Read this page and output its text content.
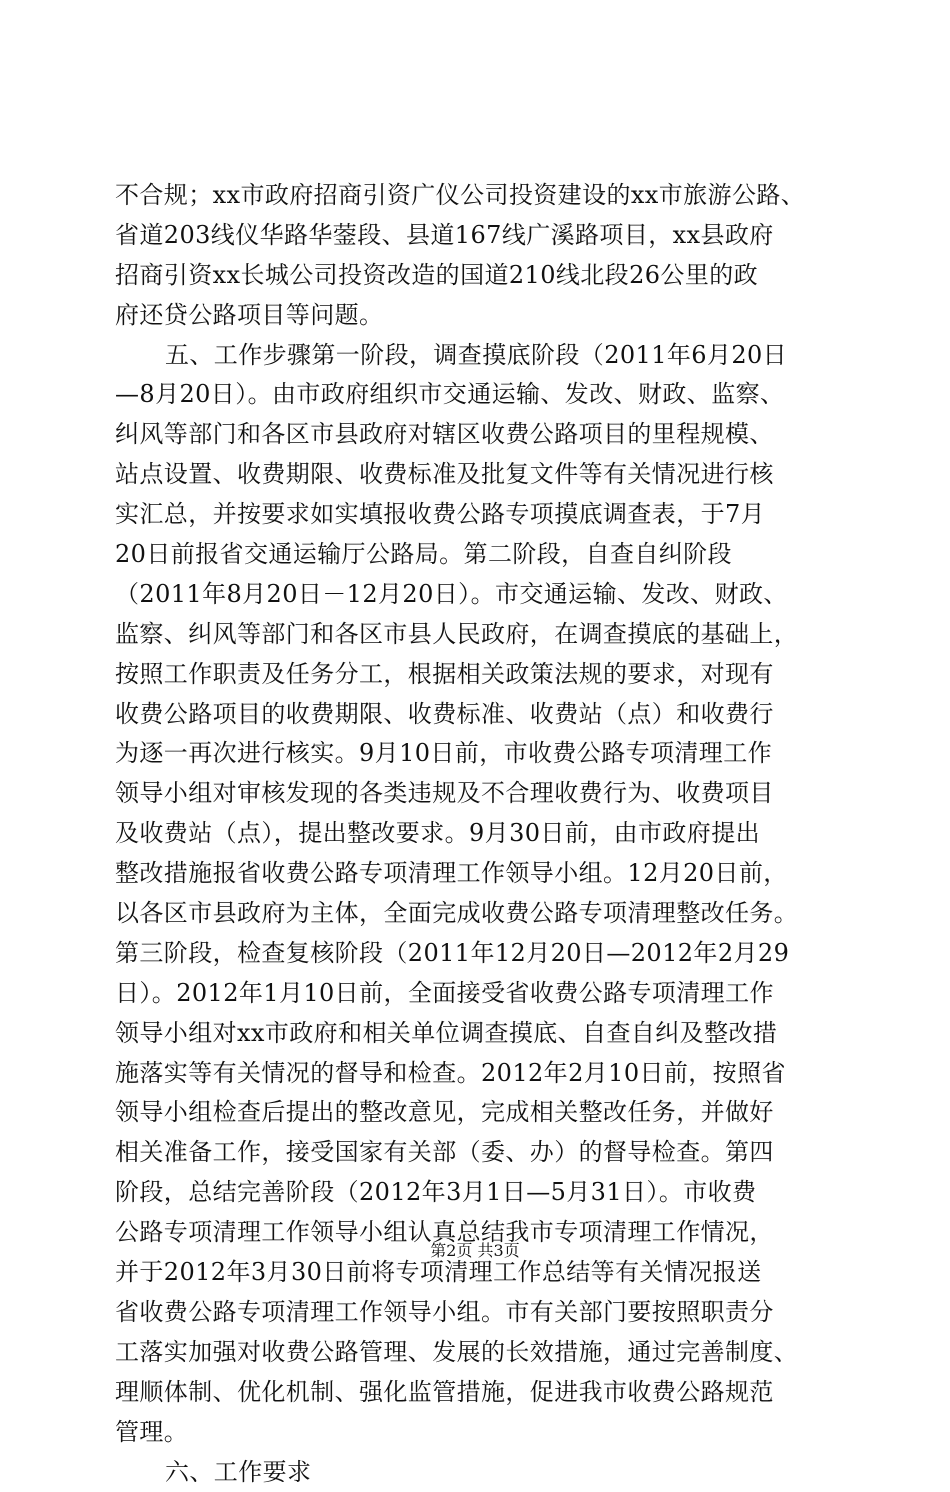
不合规；xx市政府招商引资广仪公司投资建设的xx市旅游公路、
省道203线仪华路华蓥段、县道167线广溪路项目，xx县政府
招商引资xx长城公司投资改造的国道210线北段26公里的政
府还贷公路项目等问题。
五、工作步骤第一阶段，调查摸底阶段（2011年6月20日
—8月20日）。由市政府组织市交通运输、发改、财政、监察、
纠风等部门和各区市县政府对辖区收费公路项目的里程规模、
站点设置、收费期限、收费标准及批复文件等有关情况进行核
实汇总，并按要求如实填报收费公路专项摸底调查表，于7月
20日前报省交通运输厅公路局。第二阶段，自查自纠阶段
（2011年8月20日－12月20日）。市交通运输、发改、财政、
监察、纠风等部门和各区市县人民政府，在调查摸底的基础上，
按照工作职责及任务分工，根据相关政策法规的要求，对现有
收费公路项目的收费期限、收费标准、收费站（点）和收费行
为逐一再次进行核实。9月10日前，市收费公路专项清理工作
领导小组对审核发现的各类违规及不合理收费行为、收费项目
及收费站（点），提出整改要求。9月30日前，由市政府提出
整改措施报省收费公路专项清理工作领导小组。12月20日前，
以各区市县政府为主体，全面完成收费公路专项清理整改任务。
第三阶段，检查复核阶段（2011年12月20日—2012年2月29
日）。2012年1月10日前，全面接受省收费公路专项清理工作
领导小组对xx市政府和相关单位调查摸底、自查自纠及整改措
施落实等有关情况的督导和检查。2012年2月10日前，按照省
领导小组检查后提出的整改意见，完成相关整改任务，并做好
相关准备工作，接受国家有关部（委、办）的督导检查。第四
阶段，总结完善阶段（2012年3月1日—5月31日）。市收费
公路专项清理工作领导小组认真总结我市专项清理工作情况，
并于2012年3月30日前将专项清理工作总结等有关情况报送
省收费公路专项清理工作领导小组。市有关部门要按照职责分
工落实加强对收费公路管理、发展的长效措施，通过完善制度、
理顺体制、优化机制、强化监管措施，促进我市收费公路规范
管理。
六、工作要求
第2页 共3页
